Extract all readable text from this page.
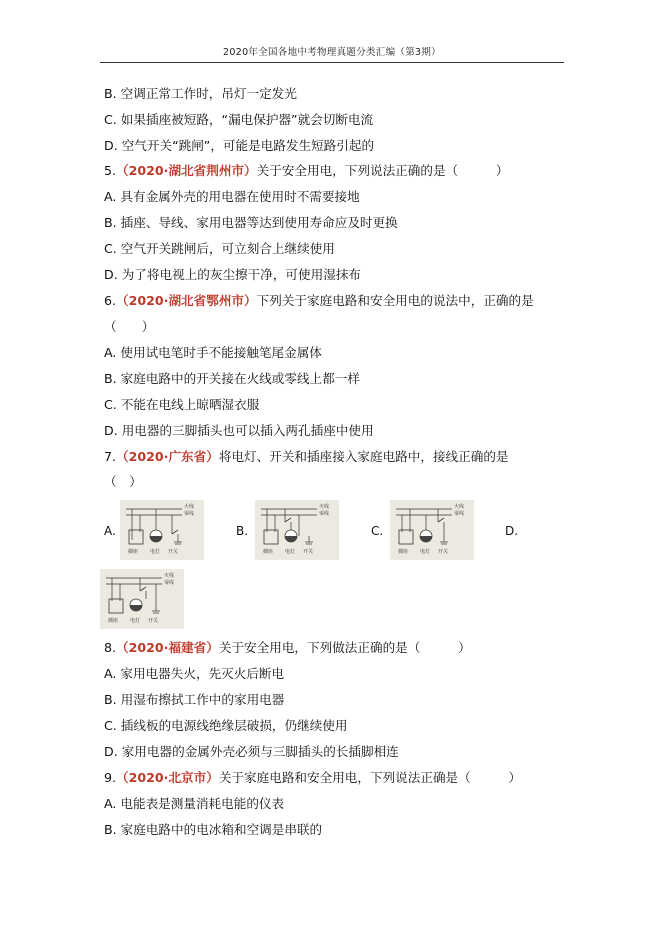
2020年全国各地中考物理真题分类汇编（第3期）
B. 空调正常工作时，吊灯一定发光
C. 如果插座被短路，“漏电保护器”就会切断电流
D. 空气开关“跳闸”，可能是电路发生短路引起的
5.（2020·湖北省荆州市）关于安全用电，下列说法正确的是（　　　）
A. 具有金属外壳的用电器在使用时不需要接地
B. 插座、导线、家用电器等达到使用寿命应及时更换
C. 空气开关跳闸后，可立刻合上继续使用
D. 为了将电视上的灰尘擦干净，可使用湿抹布
6.（2020·湖北省鄂州市）下列关于家庭电路和安全用电的说法中，正确的是
（　　）
A. 使用试电笔时手不能接触笔尾金属体
B. 家庭电路中的开关接在火线或零线上都一样
C. 不能在电线上晾晒湿衣服
D. 用电器的三脚插头也可以插入两孔插座中使用
7.（2020·广东省）将电灯、开关和插座接入家庭电路中，接线正确的是
（　）
A.	B.	C.	D.
火线
零线
插座 电灯 开关
火线
零线
插座 电灯 开关
火线
零线
插座 电灯 开关
火线
零线
插座 电灯 开关
8.（2020·福建省）关于安全用电，下列做法正确的是（　　　）
A. 家用电器失火，先灭火后断电
B. 用湿布擦拭工作中的家用电器
C. 插线板的电源线绝缘层破损，仍继续使用
D. 家用电器的金属外壳必须与三脚插头的长插脚相连
9.（2020·北京市）关于家庭电路和安全用电，下列说法正确是（　　　）
A. 电能表是测量消耗电能的仪表
B. 家庭电路中的电冰箱和空调是串联的
